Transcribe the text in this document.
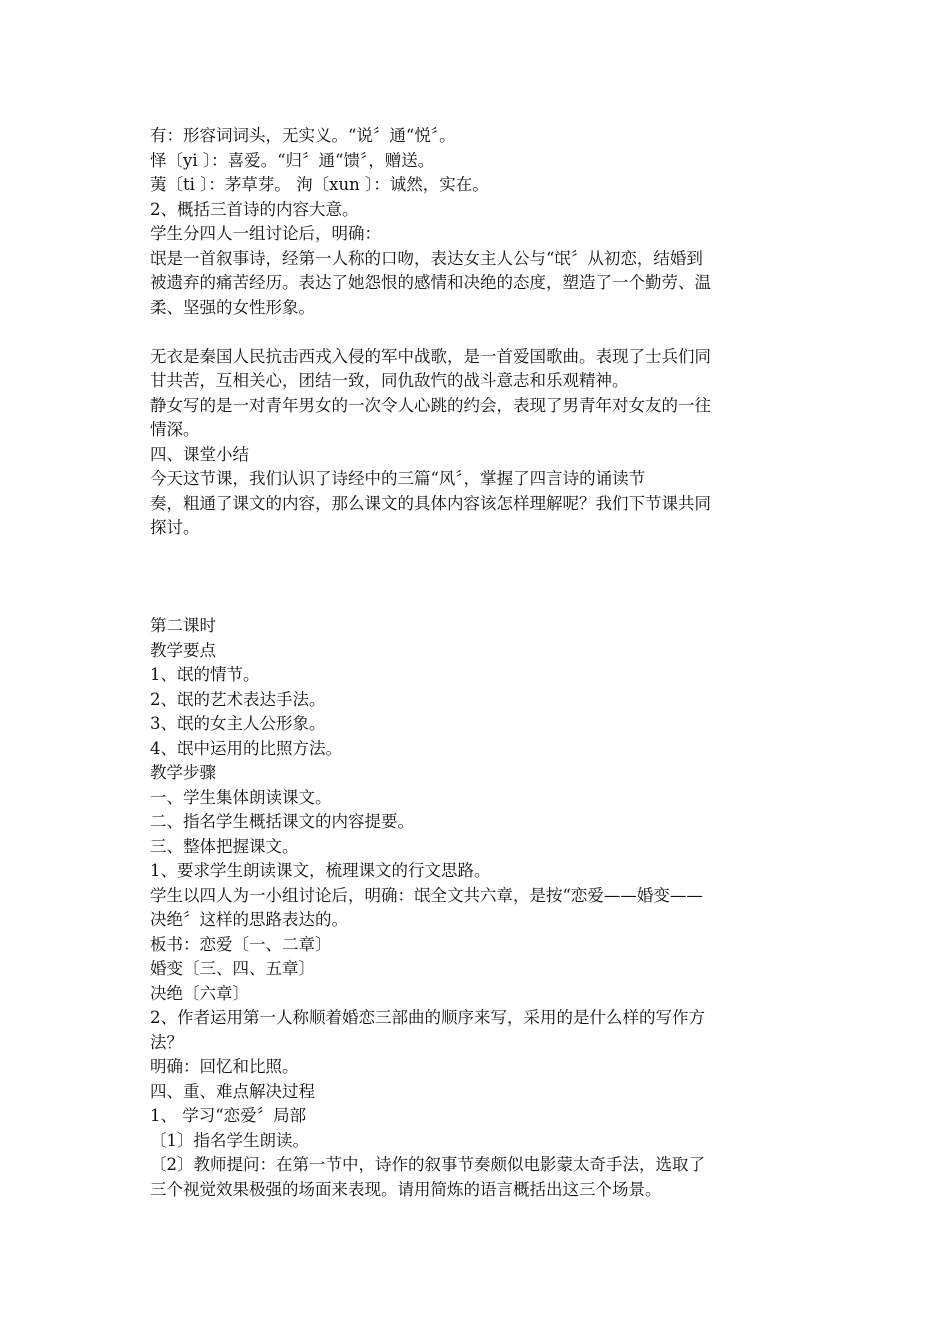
有：形容词词头，无实义。“说〞通“悦〞。
怿〔yi 〕：喜爱。“归〞通“馈〞，赠送。
荑〔ti 〕：茅草芽。 洵〔xun 〕：诚然，实在。
2、概括三首诗的内容大意。
学生分四人一组讨论后，明确：
氓是一首叙事诗，经第一人称的口吻，表达女主人公与“氓〞从初恋，结婚到
被遗弃的痛苦经历。表达了她怨恨的感情和决绝的态度，塑造了一个勤劳、温
柔、坚强的女性形象。
无衣是秦国人民抗击西戎入侵的军中战歌，是一首爱国歌曲。表现了士兵们同
甘共苦，互相关心，团结一致，同仇敌忾的战斗意志和乐观精神。
静女写的是一对青年男女的一次令人心跳的约会，表现了男青年对女友的一往
情深。
四、课堂小结
今天这节课，我们认识了诗经中的三篇“风〞，掌握了四言诗的诵读节
奏，粗通了课文的内容，那么课文的具体内容该怎样理解呢？我们下节课共同
探讨。
第二课时
教学要点
1、氓的情节。
2、氓的艺术表达手法。
3、氓的女主人公形象。
4、氓中运用的比照方法。
教学步骤
一、学生集体朗读课文。
二、指名学生概括课文的内容提要。
三、整体把握课文。
1、要求学生朗读课文，梳理课文的行文思路。
学生以四人为一小组讨论后，明确：氓全文共六章，是按“恋爱——婚变——
决绝〞这样的思路表达的。
板书：恋爱〔一、二章〕
婚变〔三、四、五章〕
决绝〔六章〕
2、作者运用第一人称顺着婚恋三部曲的顺序来写，采用的是什么样的写作方
法？
明确：回忆和比照。
四、重、难点解决过程
1、 学习“恋爱〞局部
〔1〕指名学生朗读。
〔2〕教师提问：在第一节中，诗作的叙事节奏颇似电影蒙太奇手法，选取了
三个视觉效果极强的场面来表现。请用简炼的语言概括出这三个场景。
